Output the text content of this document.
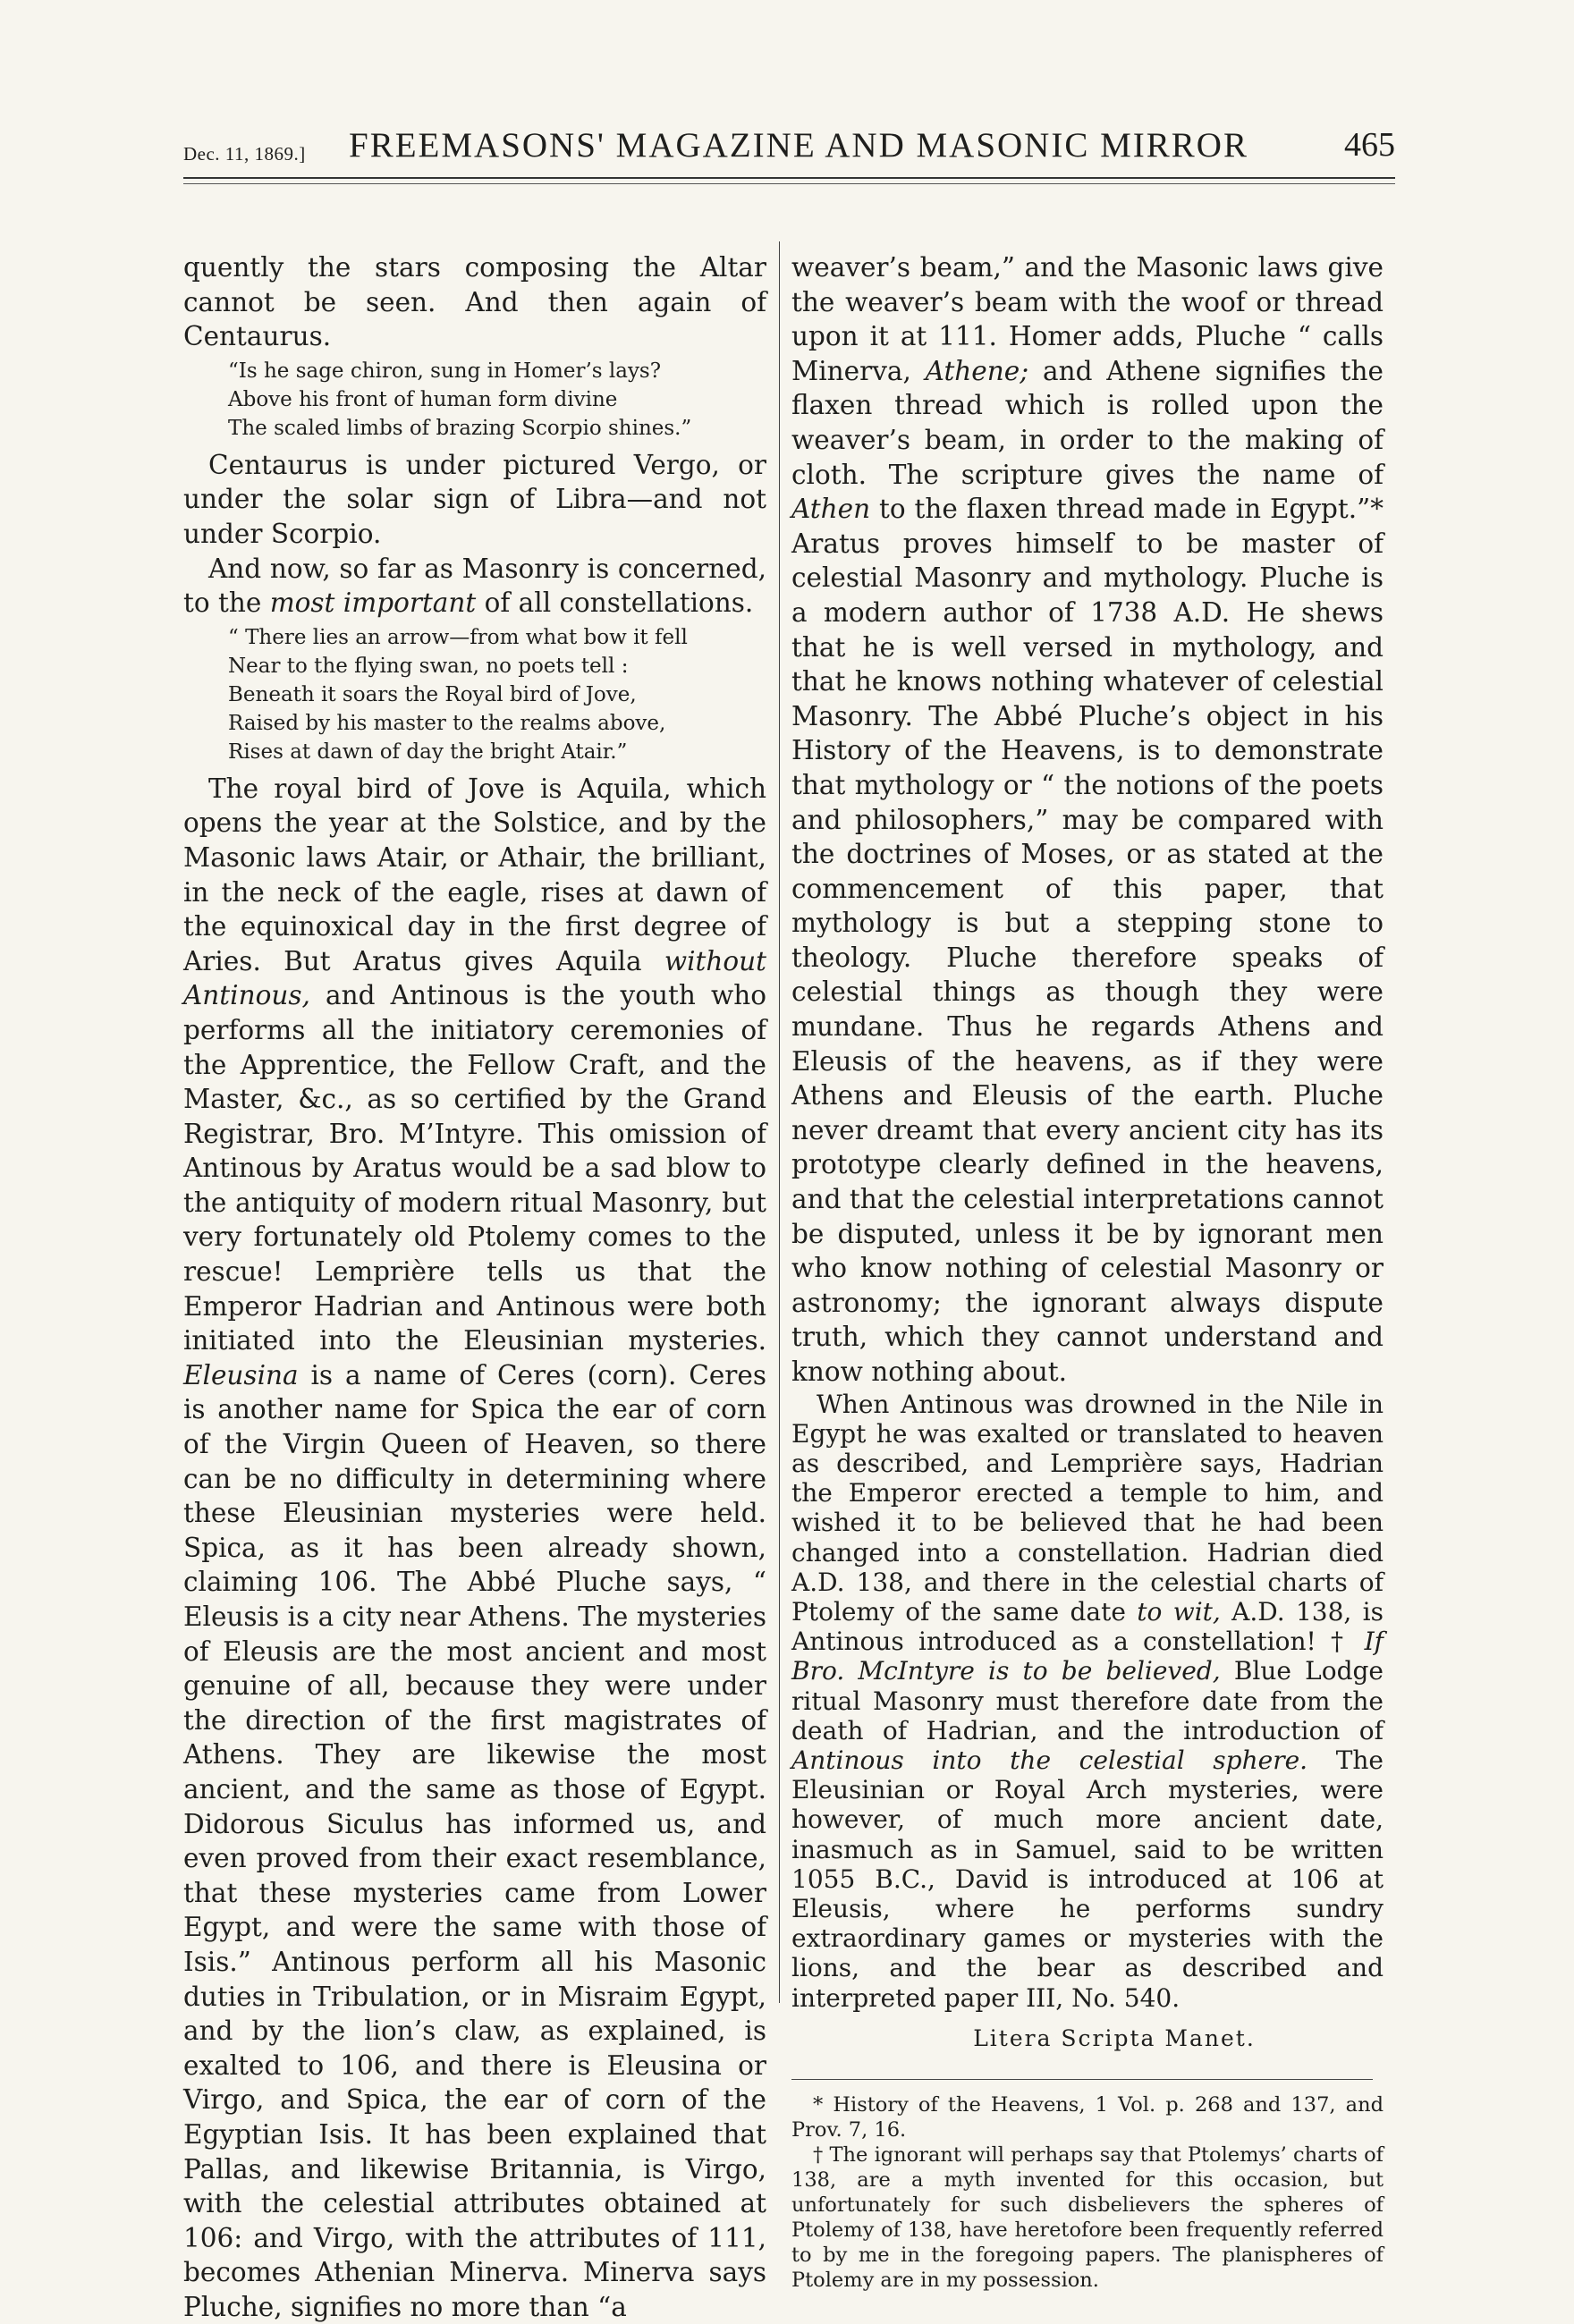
Dec. 11, 1869.] FREEMASONS' MAGAZINE AND MASONIC MIRROR	465

quently the stars composing the Altar cannot be seen. And then again of Centaurus.

“Is he sage chiron, sung in Homer’s lays?
Above his front of human form divine
The scaled limbs of brazing Scorpio shines.”

Centaurus is under pictured Vergo, or under the solar sign of Libra—and not under Scorpio.

And now, so far as Masonry is concerned, to the most important of all constellations.

“ There lies an arrow—from what bow it fell
Near to the flying swan, no poets tell :
Beneath it soars the Royal bird of Jove,
Raised by his master to the realms above,
Rises at dawn of day the bright Atair.”

The royal bird of Jove is Aquila, which opens the year at the Solstice, and by the Masonic laws Atair, or Athair, the brilliant, in the neck of the eagle, rises at dawn of the equinoxical day in the first degree of Aries. But Aratus gives Aquila without Antinous, and Antinous is the youth who performs all the initiatory ceremonies of the Apprentice, the Fellow Craft, and the Master, &c., as so certified by the Grand Registrar, Bro. M’Intyre. This omission of Antinous by Aratus would be a sad blow to the antiquity of modern ritual Masonry, but very fortunately old Ptolemy comes to the rescue! Lemprière tells us that the Emperor Hadrian and Antinous were both initiated into the Eleusinian mysteries. Eleusina is a name of Ceres (corn). Ceres is another name for Spica the ear of corn of the Virgin Queen of Heaven, so there can be no difficulty in determining where these Eleusinian mysteries were held. Spica, as it has been already shown, claiming 106. The Abbé Pluche says, “ Eleusis is a city near Athens. The mysteries of Eleusis are the most ancient and most genuine of all, because they were under the direction of the first magistrates of Athens. They are likewise the most ancient, and the same as those of Egypt. Didorous Siculus has informed us, and even proved from their exact resemblance, that these mysteries came from Lower Egypt, and were the same with those of Isis.” Antinous perform all his Masonic duties in Tribulation, or in Misraim Egypt, and by the lion’s claw, as explained, is exalted to 106, and there is Eleusina or Virgo, and Spica, the ear of corn of the Egyptian Isis. It has been explained that Pallas, and likewise Britannia, is Virgo, with the celestial attributes obtained at 106: and Virgo, with the attributes of 111, becomes Athenian Minerva. Minerva says Pluche, signifies no more than “a

weaver’s beam,” and the Masonic laws give the weaver’s beam with the woof or thread upon it at 111. Homer adds, Pluche “ calls Minerva, Athene; and Athene signifies the flaxen thread which is rolled upon the weaver’s beam, in order to the making of cloth. The scripture gives the name of Athen to the flaxen thread made in Egypt.”* Aratus proves himself to be master of celestial Masonry and mythology. Pluche is a modern author of 1738 A.D. He shews that he is well versed in mythology, and that he knows nothing whatever of celestial Masonry. The Abbé Pluche’s object in his History of the Heavens, is to demonstrate that mythology or “ the notions of the poets and philosophers,” may be compared with the doctrines of Moses, or as stated at the commencement of this paper, that mythology is but a stepping stone to theology. Pluche therefore speaks of celestial things as though they were mundane. Thus he regards Athens and Eleusis of the heavens, as if they were Athens and Eleusis of the earth. Pluche never dreamt that every ancient city has its prototype clearly defined in the heavens, and that the celestial interpretations cannot be disputed, unless it be by ignorant men who know nothing of celestial Masonry or astronomy; the ignorant always dispute truth, which they cannot understand and know nothing about.

When Antinous was drowned in the Nile in Egypt he was exalted or translated to heaven as described, and Lemprière says, Hadrian the Emperor erected a temple to him, and wished it to be believed that he had been changed into a constellation. Hadrian died A.D. 138, and there in the celestial charts of Ptolemy of the same date to wit, A.D. 138, is Antinous introduced as a constellation! † If Bro. McIntyre is to be believed, Blue Lodge ritual Masonry must therefore date from the death of Hadrian, and the introduction of Antinous into the celestial sphere. The Eleusinian or Royal Arch mysteries, were however, of much more ancient date, inasmuch as in Samuel, said to be written 1055 B.C., David is introduced at 106 at Eleusis, where he performs sundry extraordinary games or mysteries with the lions, and the bear as described and interpreted paper III, No. 540.

Litera Scripta Manet.

* History of the Heavens, 1 Vol. p. 268 and 137, and Prov. 7, 16.

† The ignorant will perhaps say that Ptolemys’ charts of 138, are a myth invented for this occasion, but unfortunately for such disbelievers the spheres of Ptolemy of 138, have heretofore been frequently referred to by me in the foregoing papers. The planispheres of Ptolemy are in my possession.
